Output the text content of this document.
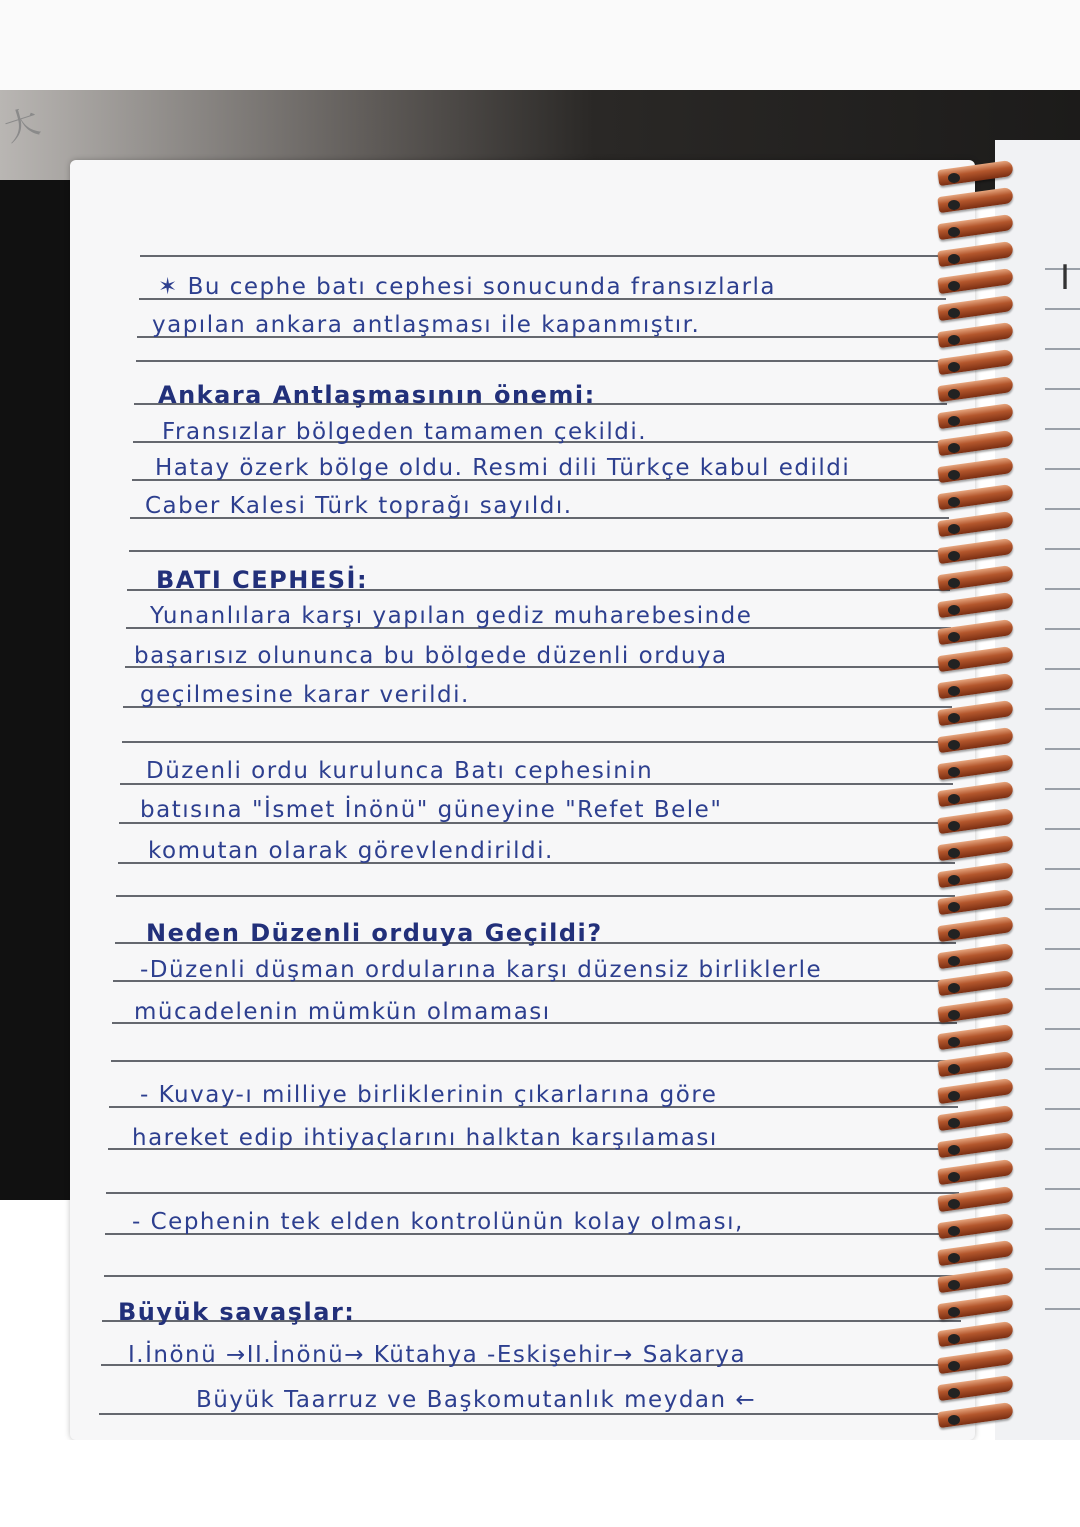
大
I
✶ Bu cephe batı cephesi sonucunda fransızlarla
yapılan ankara antlaşması ile kapanmıştır.
Ankara Antlaşmasının önemi:
Fransızlar bölgeden tamamen çekildi.
Hatay özerk bölge oldu. Resmi dili Türkçe kabul edildi
Caber Kalesi Türk toprağı sayıldı.
BATI CEPHESİ:
Yunanlılara karşı yapılan gediz muharebesinde
başarısız olununca bu bölgede düzenli orduya
geçilmesine karar verildi.
Düzenli ordu kurulunca Batı cephesinin
batısına "İsmet İnönü" güneyine "Refet Bele"
komutan olarak görevlendirildi.
Neden Düzenli orduya Geçildi?
-Düzenli düşman ordularına karşı düzensiz birliklerle
mücadelenin mümkün olmaması
- Kuvay-ı milliye birliklerinin çıkarlarına göre
hareket edip ihtiyaçlarını halktan karşılaması
- Cephenin tek elden kontrolünün kolay olması,
Büyük savaşlar:
I.İnönü →II.İnönü→ Kütahya -Eskişehir→ Sakarya
Büyük Taarruz ve Başkomutanlık meydan ←
